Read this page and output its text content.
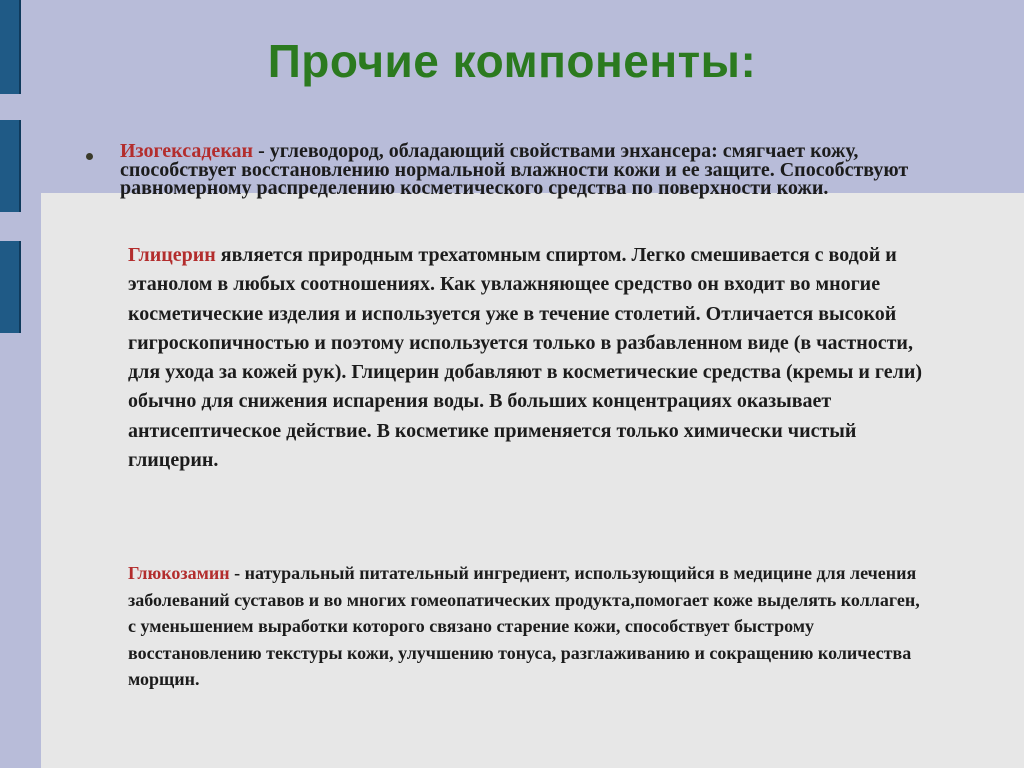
Прочие компоненты:

Изогексадекан - углеводород, обладающий свойствами энхансера: смягчает кожу, способствует восстановлению нормальной влажности кожи и ее защите. Способствуют равномерному распределению косметического средства по поверхности кожи.

Глицерин является природным трехатомным спиртом. Легко смешивается с водой и этанолом в любых соотношениях. Как увлажняющее средство он входит во многие косметические изделия и используется уже в течение столетий. Отличается высокой гигроскопичностью и поэтому используется только в разбавленном виде (в частности, для ухода за кожей рук). Глицерин добавляют в косметические средства (кремы и гели) обычно для снижения испарения воды. В больших концентрациях оказывает антисептическое действие. В косметике применяется только химически чистый глицерин.

Глюкозамин - натуральный питательный ингредиент, использующийся в медицине для лечения заболеваний суставов и во многих гомеопатических продукта,помогает коже выделять коллаген, с уменьшением выработки которого связано старение кожи, способствует быстрому восстановлению текстуры кожи, улучшению тонуса, разглаживанию и сокращению количества морщин.
